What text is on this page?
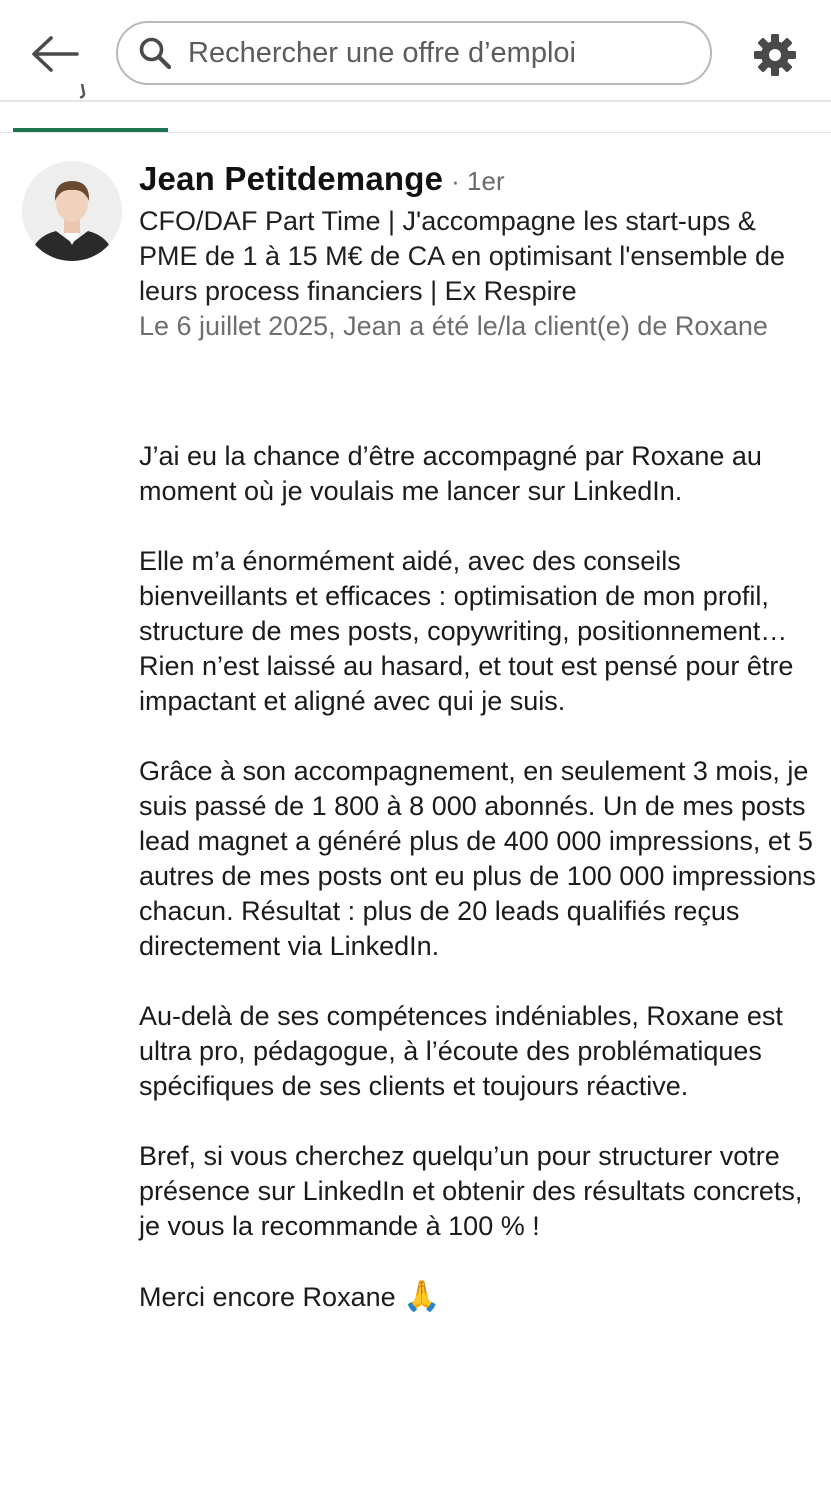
Rechercher une offre d’emploi
Jean Petitdemange · 1er
CFO/DAF Part Time | J'accompagne les start-ups & PME de 1 à 15 M€ de CA en optimisant l'ensemble de leurs process financiers | Ex Respire
Le 6 juillet 2025, Jean a été le/la client(e) de Roxane

J’ai eu la chance d’être accompagné par Roxane au moment où je voulais me lancer sur LinkedIn.

Elle m’a énormément aidé, avec des conseils bienveillants et efficaces : optimisation de mon profil, structure de mes posts, copywriting, positionnement… Rien n’est laissé au hasard, et tout est pensé pour être impactant et aligné avec qui je suis.

Grâce à son accompagnement, en seulement 3 mois, je suis passé de 1 800 à 8 000 abonnés. Un de mes posts lead magnet a généré plus de 400 000 impressions, et 5 autres de mes posts ont eu plus de 100 000 impressions chacun. Résultat : plus de 20 leads qualifiés reçus directement via LinkedIn.

Au-delà de ses compétences indéniables, Roxane est ultra pro, pédagogue, à l’écoute des problématiques spécifiques de ses clients et toujours réactive.

Bref, si vous cherchez quelqu’un pour structurer votre présence sur LinkedIn et obtenir des résultats concrets, je vous la recommande à 100 % !

Merci encore Roxane 🙏
